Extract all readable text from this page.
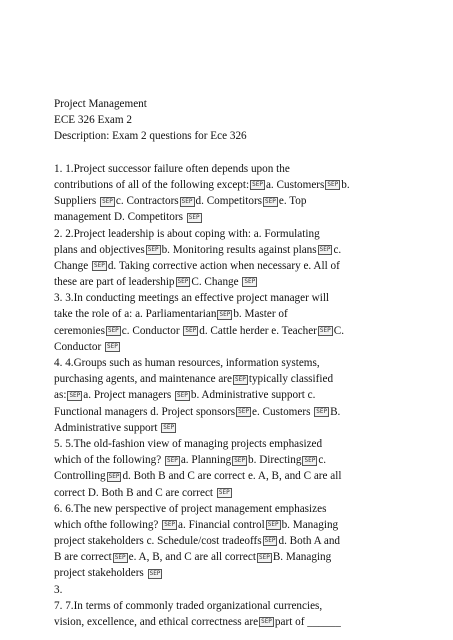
Project Management
ECE 326 Exam 2
Description: Exam 2 questions for Ece 326
1. 1.Project successor failure often depends upon the
contributions of all of the following except: SEP a. Customers SEP b.
Suppliers SEP c. Contractors SEP d. Competitors SEP e. Top
management D. Competitors SEP
2. 2.Project leadership is about coping with: a. Formulating
plans and objectives SEP b. Monitoring results against plans SEP c.
Change SEP d. Taking corrective action when necessary e. All of
these are part of leadership SEP C. Change SEP
3. 3.In conducting meetings an effective project manager will
take the role of a: a. Parliamentarian SEP b. Master of
ceremonies SEP c. Conductor SEP d. Cattle herder e. Teacher SEP C.
Conductor SEP
4. 4.Groups such as human resources, information systems,
purchasing agents, and maintenance are SEP typically classified
as: SEP a. Project managers SEP b. Administrative support c.
Functional managers d. Project sponsors SEP e. Customers SEP B.
Administrative support SEP
5. 5.The old-fashion view of managing projects emphasized
which of the following? SEP a. Planning SEP b. Directing SEP c.
Controlling SEP d. Both B and C are correct e. A, B, and C are all
correct D. Both B and C are correct SEP
6. 6.The new perspective of project management emphasizes
which ofthe following? SEP a. Financial control SEP b. Managing
project stakeholders c. Schedule/cost tradeoffs SEP d. Both A and
B are correct SEP e. A, B, and C are all correct SEP B. Managing
project stakeholders SEP
3.
7. 7.In terms of commonly traded organizational currencies,
vision, excellence, and ethical correctness are SEP part of ______
